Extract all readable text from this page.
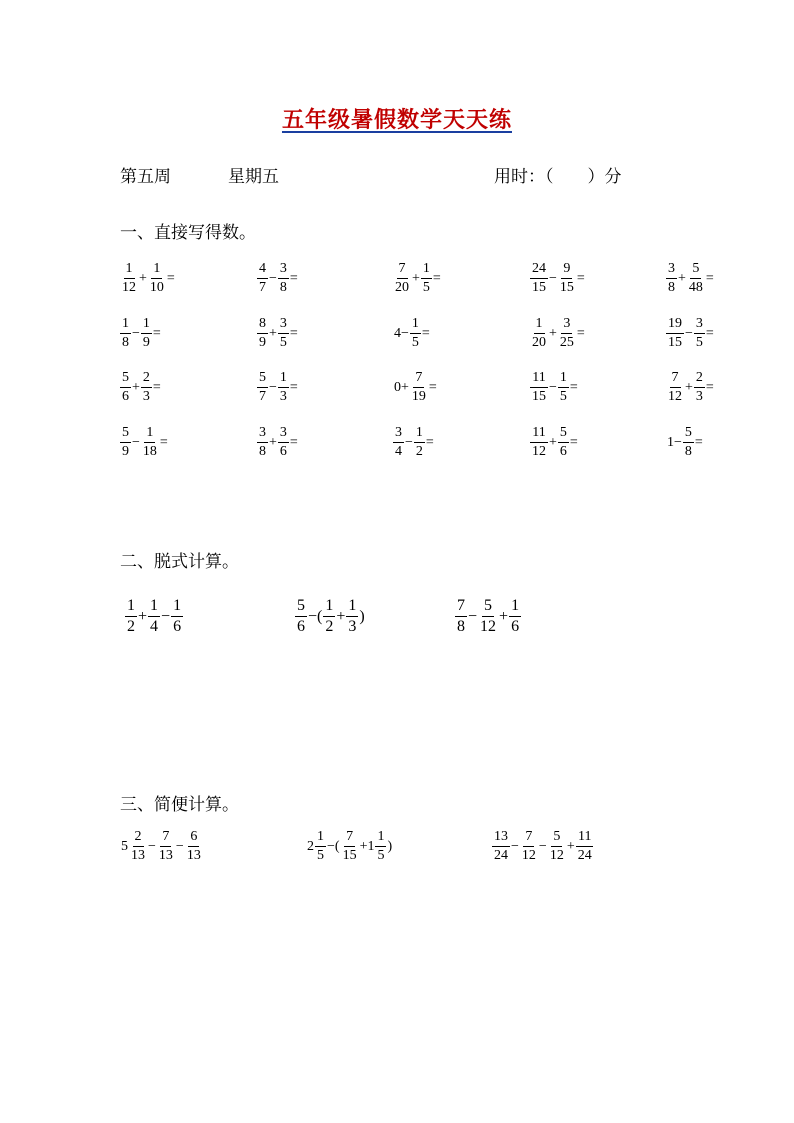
五年级暑假数学天天练
第五周	星期五	用时：（　　）分
一、直接写得数。
二、脱式计算。
三、简便计算。
$\frac{1}{12} + \frac{1}{10}$ =	$\frac{4}{7} - \frac{3}{8}$ =	$\frac{7}{20} + \frac{1}{5}$ =	$\frac{24}{15} - \frac{9}{15}$ =	$\frac{3}{8} + \frac{5}{48}$ =
$\frac{1}{8} - \frac{1}{9}$ =	$\frac{8}{9} + \frac{3}{5}$ =	$4- \frac{1}{5}$ =	$\frac{1}{20} + \frac{3}{25}$ =	$\frac{19}{15} - \frac{3}{5}$ =
$\frac{5}{6} + \frac{2}{3}$ =	$\frac{5}{7} - \frac{1}{3}$ =	$0+ \frac{7}{19}$ =	$\frac{11}{15} - \frac{1}{5}$ =	$\frac{7}{12} + \frac{2}{3}$ =
$\frac{5}{9} - \frac{1}{18}$ =	$\frac{3}{8} + \frac{3}{6}$ =	$\frac{3}{4} - \frac{1}{2}$ =	$\frac{11}{12} + \frac{5}{6}$ =	$1- \frac{5}{8}$ =
$\frac{1}{2} + \frac{1}{4} - \frac{1}{6}$	$\frac{5}{6}$ −( $\frac{1}{2} + \frac{1}{3}$ )	$\frac{7}{8} - \frac{5}{12} + \frac{1}{6}$
$5 \frac{2}{13} - \frac{7}{13} - \frac{6}{13}$	$2 \frac{1}{5}$ −( $\frac{7}{15} +1 \frac{1}{5}$ )	$\frac{13}{24} - \frac{7}{12} - \frac{5}{12} + \frac{11}{24}$
